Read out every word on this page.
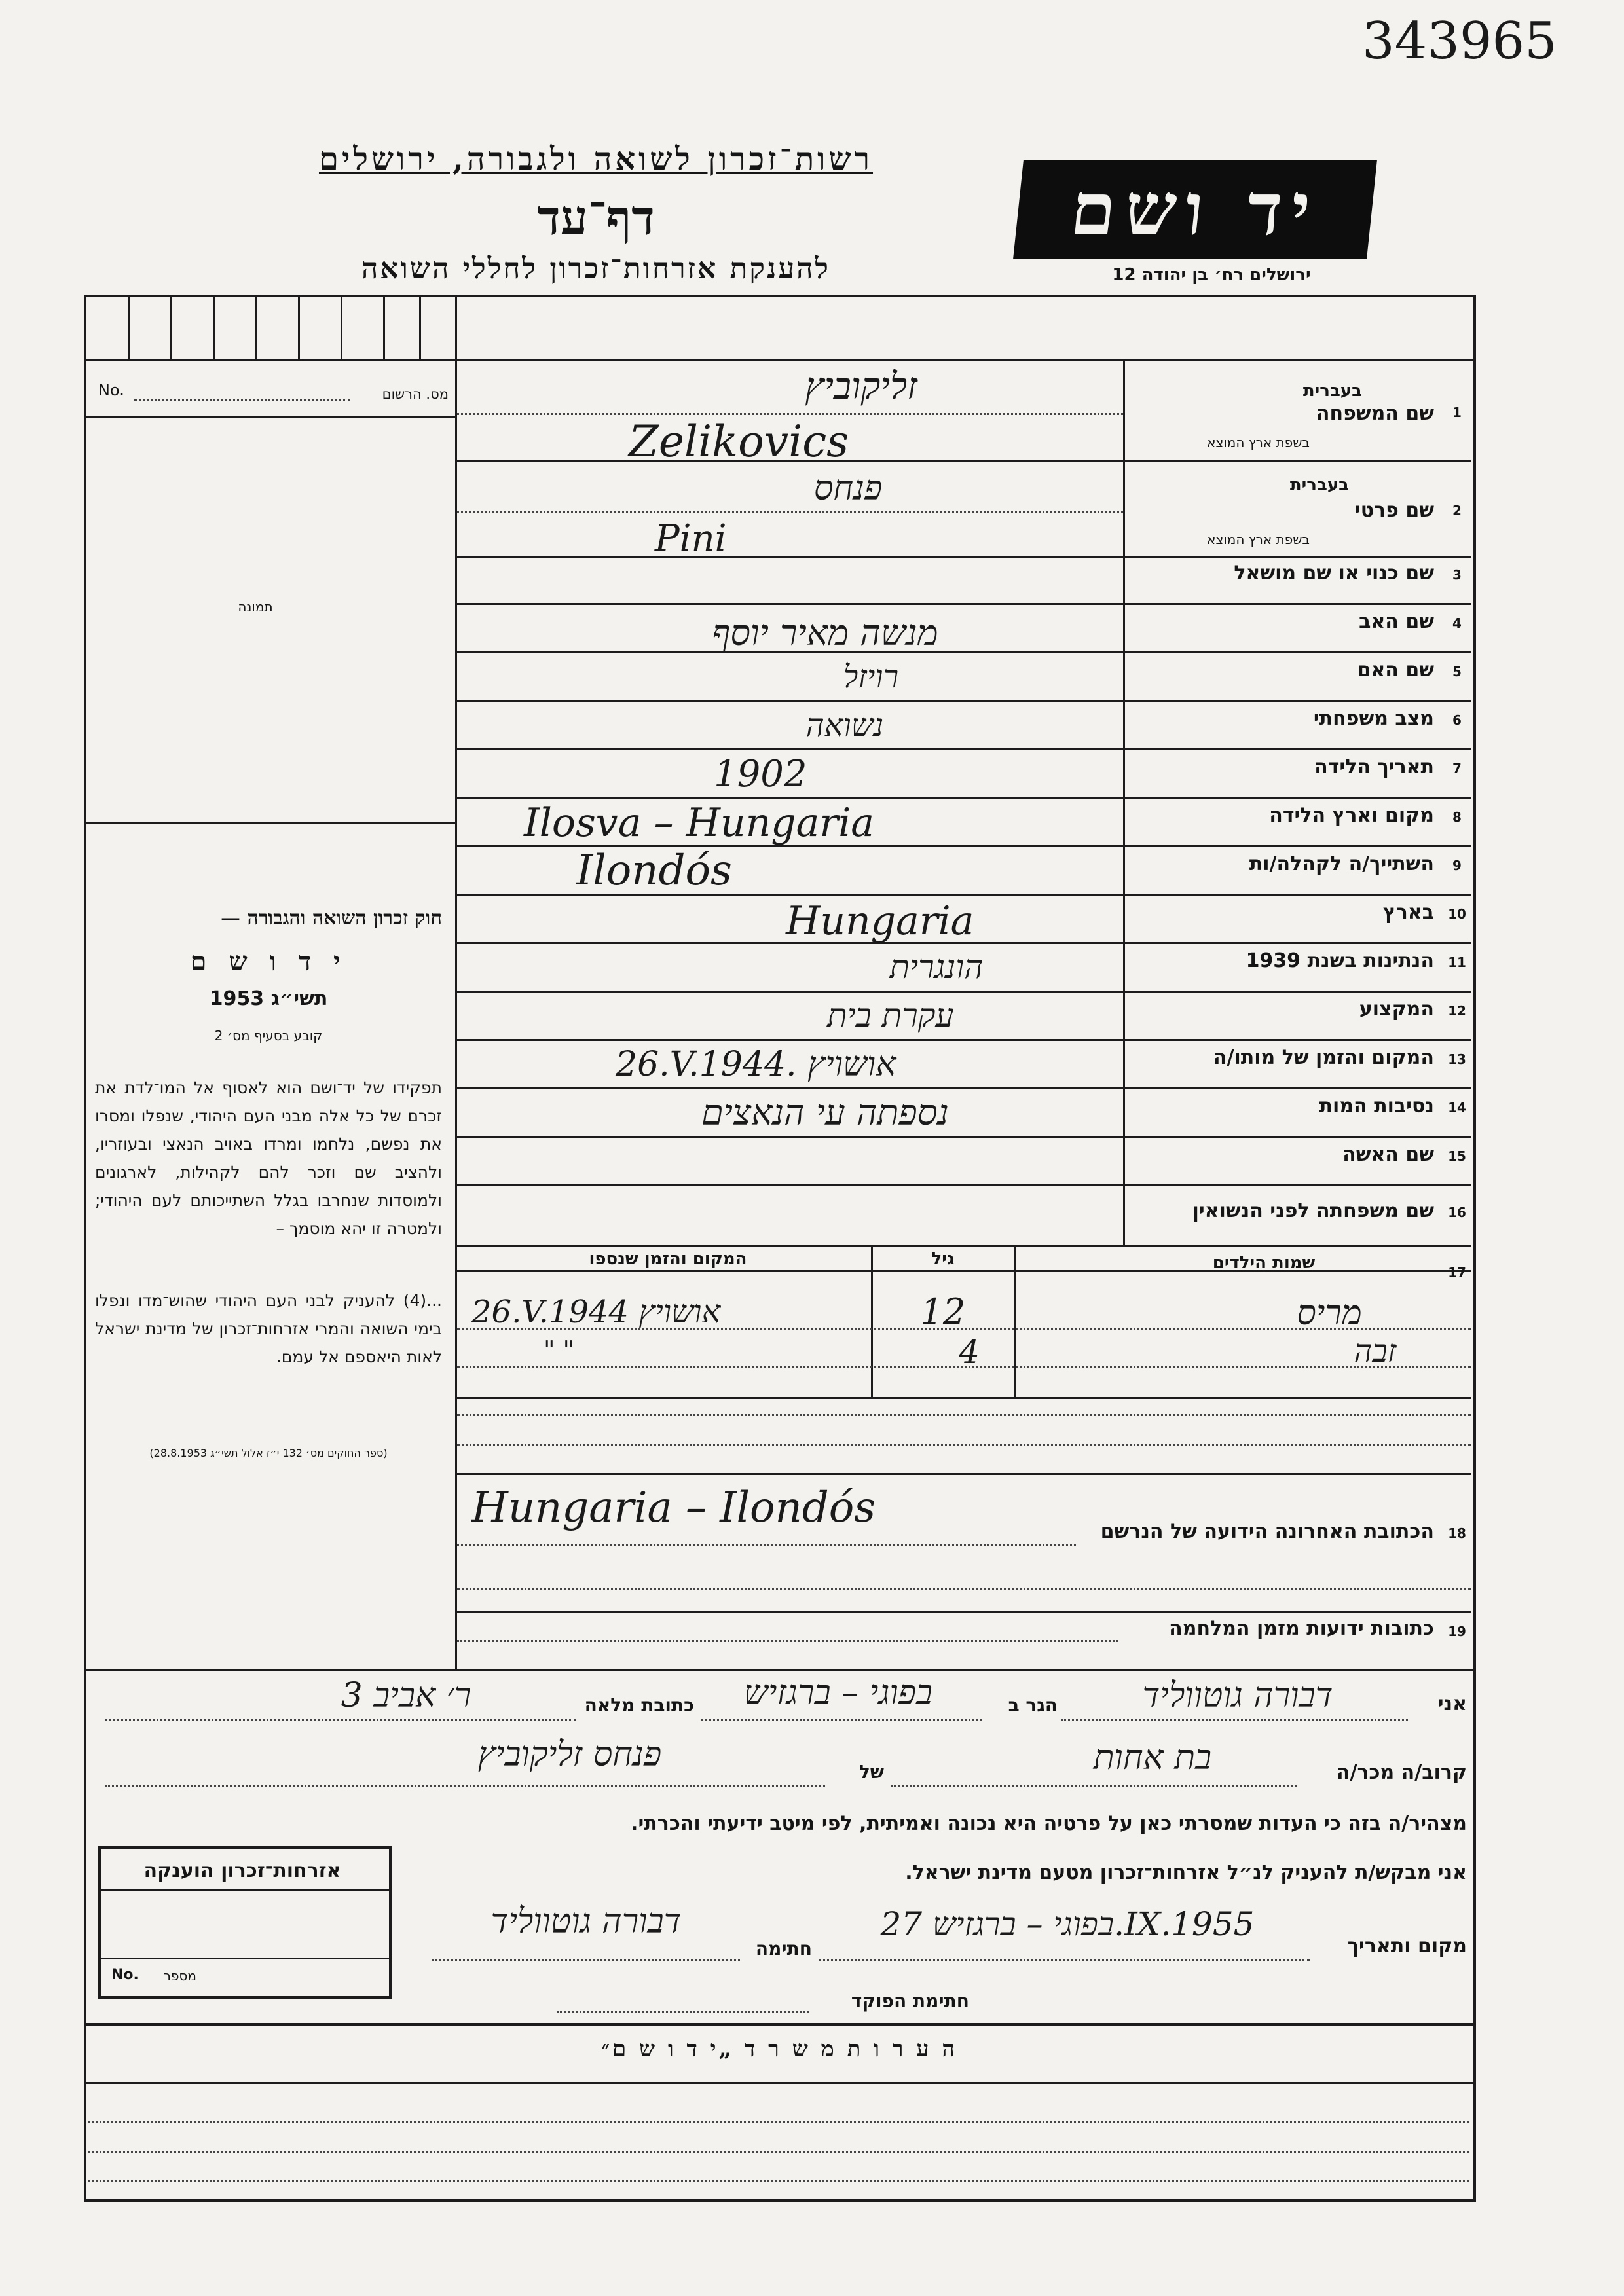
343965
רשות־זכרון לשואה ולגבורה, ירושלים
דף־עד
להענקת אזרחות־זכרון לחללי השואה
יד ושם
ירושלים רח׳ בן יהודה 12
No.	מס. הרשום
תמונה
1
שם המשפחה
בעברית
בשפת ארץ המוצא
זליקוביץ
Zelikovics
2
שם פרטי
בעברית
בשפת ארץ המוצא
פנחס
Pini
3
שם כנוי או שם מושאל
4
שם האב
מנשה מאיר יוסף
5
שם האם
רויזל
6
מצב משפחתי
נשואה
7
תאריך הלידה
1902
8
מקום וארץ הלידה
Ilosva – Hungaria
9
השתייך/ה לקהלה/ות
Ilondós
10
בארץ
Hungaria
11
הנתינות בשנת 1939
הונגרית
12
המקצוע
עקרת בית
13
המקום והזמן של מותו/ה
26.V.1944. אושויץ
14
נסיבות המות
נספתה עי הנאצים
15
שם האשה
16
שם משפחתה לפני הנשואין
17
שמות הילדים
גיל
המקום והזמן שנספו
מריס
12
26.V.1944 אושויץ
זבה
4
" "
18
הכתובת האחרונה הידועה של הנרשם
Hungaria – Ilondós
19
כתובות ידועות מזמן המלחמה
חוק זכרון השואה והגבורה —
י ד ו ש ם
תשי״ג 1953
קובע בסעיף מס׳ 2
תפקידו של יד־ושם הוא לאסוף אל המו־לדת את זכרם של כל אלה מבני העם היהודי, שנפלו ומסרו את נפשם, נלחמו ומרדו באויב הנאצי ובעוזריו, ולהציב שם וזכר להם לקהילות, לארגונים ולמוסדות שנחרבו בגלל השתייכותם לעם היהודי; ולמטרה זו יהא מוסמך –
...(4) להעניק לבני העם היהודי שהוש־מדו ונפלו בימי השואה והמרי אזרחות־זכרון של מדינת ישראל לאות היאספם אל עמם.
(ספר החוקים מס׳ 132 י״ז אלול תשי״ג 28.8.1953)
אני
דבורה גוטווליד
הגר ב
בפוגי – ברגזיש
כתובת מלאה
ר׳ אביב 3
קרוב/ה מכר/ה
בת אחות
של
פנחס זליקוביץ
מצהיר/ה בזה כי העדות שמסרתי כאן על פרטיה היא נכונה ואמיתית, לפי מיטב ידיעתי והכרתי.
אני מבקש/ת להעניק לנ״ל אזרחות־זכרון מטעם מדינת ישראל.
מקום ותאריך
בפוגי – ברגזיש 27.IX.1955
חתימה
דבורה גוטווליד
חתימת הפוקד
אזרחות־זכרון הוענקה
No.	מספר
ה ע ר ו ת מ ש ר ד „י ד ו ש ם״
